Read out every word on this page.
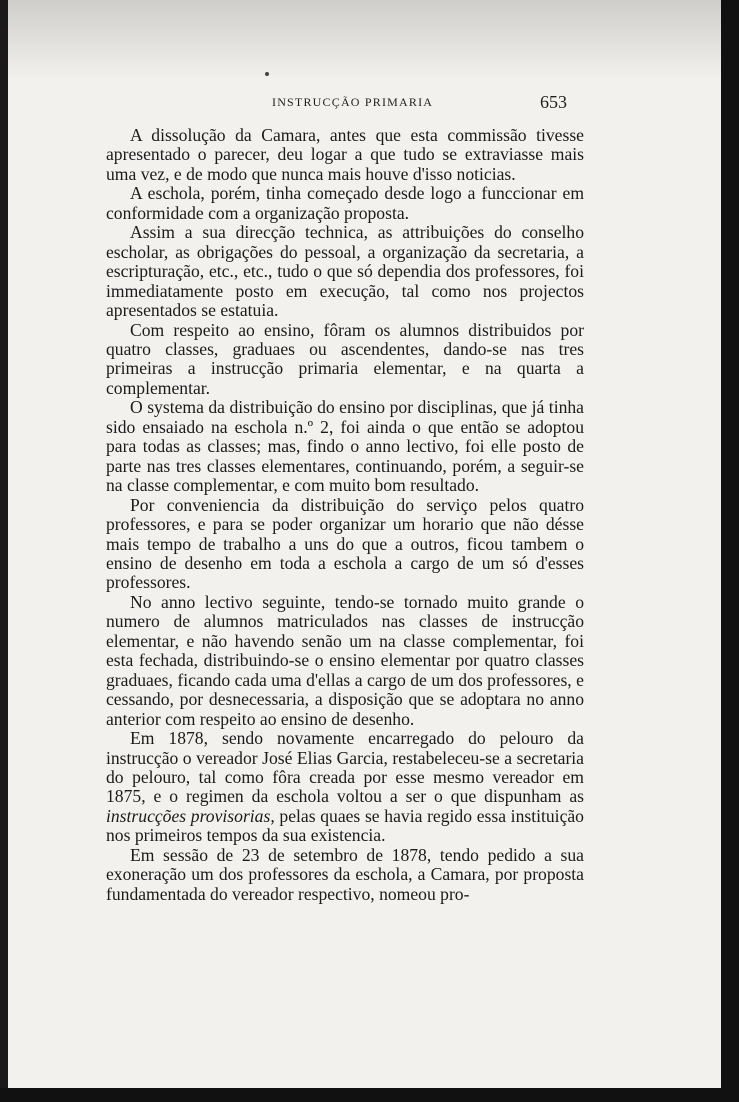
INSTRUCÇÃO PRIMARIA	653

A dissolução da Camara, antes que esta commissão tivesse apresentado o parecer, deu logar a que tudo se extraviasse mais uma vez, e de modo que nunca mais houve d'isso noticias.

A eschola, porém, tinha começado desde logo a funccionar em conformidade com a organização proposta.

Assim a sua direcção technica, as attribuições do conselho escholar, as obrigações do pessoal, a organização da secretaria, a escripturação, etc., etc., tudo o que só dependia dos professores, foi immediatamente posto em execução, tal como nos projectos apresentados se estatuia.

Com respeito ao ensino, fôram os alumnos distribuidos por quatro classes, graduaes ou ascendentes, dando-se nas tres primeiras a instrucção primaria elementar, e na quarta a complementar.

O systema da distribuição do ensino por disciplinas, que já tinha sido ensaiado na eschola n.º 2, foi ainda o que então se adoptou para todas as classes; mas, findo o anno lectivo, foi elle posto de parte nas tres classes elementares, continuando, porém, a seguir-se na classe complementar, e com muito bom resultado.

Por conveniencia da distribuição do serviço pelos quatro professores, e para se poder organizar um horario que não désse mais tempo de trabalho a uns do que a outros, ficou tambem o ensino de desenho em toda a eschola a cargo de um só d'esses professores.

No anno lectivo seguinte, tendo-se tornado muito grande o numero de alumnos matriculados nas classes de instrucção elementar, e não havendo senão um na classe complementar, foi esta fechada, distribuindo-se o ensino elementar por quatro classes graduaes, ficando cada uma d'ellas a cargo de um dos professores, e cessando, por desnecessaria, a disposição que se adoptara no anno anterior com respeito ao ensino de desenho.

Em 1878, sendo novamente encarregado do pelouro da instrucção o vereador José Elias Garcia, restabeleceu-se a secretaria do pelouro, tal como fôra creada por esse mesmo vereador em 1875, e o regimen da eschola voltou a ser o que dispunham as instrucções provisorias, pelas quaes se havia regido essa instituição nos primeiros tempos da sua existencia.

Em sessão de 23 de setembro de 1878, tendo pedido a sua exoneração um dos professores da eschola, a Camara, por proposta fundamentada do vereador respectivo, nomeou pro-
